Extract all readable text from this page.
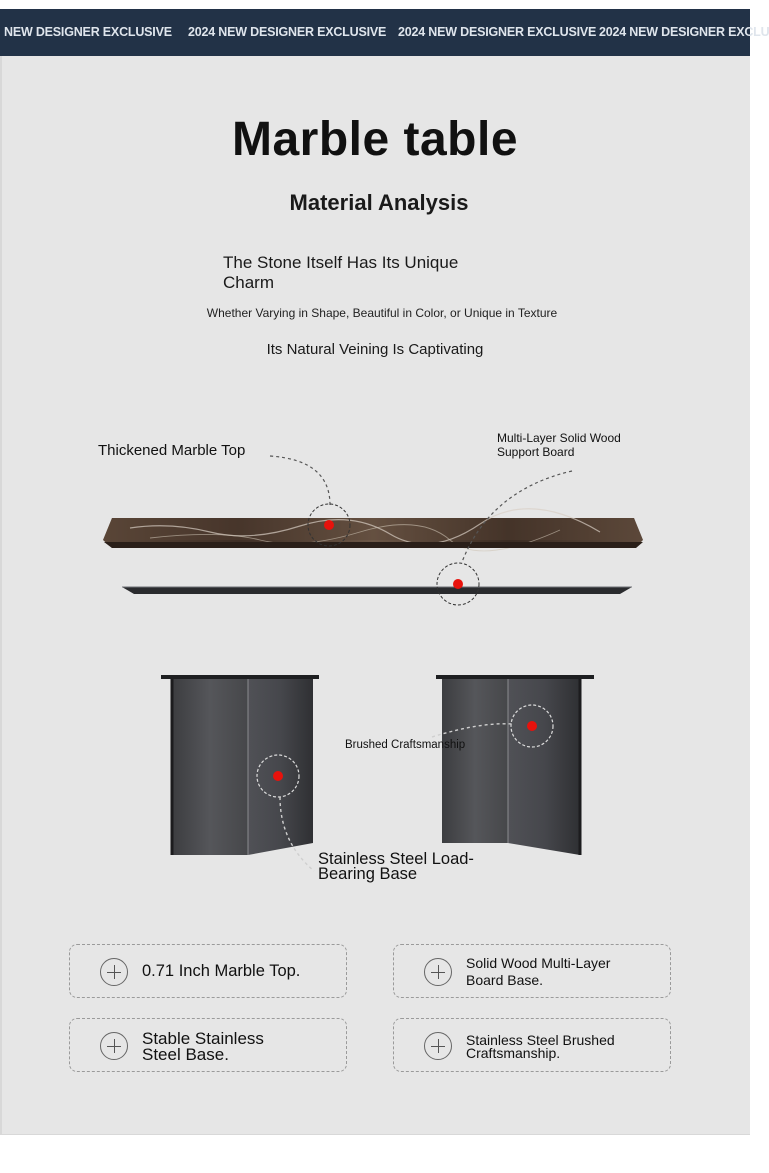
NEW DESIGNER EXCLUSIVE 2024 NEW DESIGNER EXCLUSIVE 2024 NEW DESIGNER EXCLUSIVE 2024 NEW DESIGNER EXCLU
Marble table
Material Analysis
The Stone Itself Has Its Unique Charm
Whether Varying in Shape, Beautiful in Color, or Unique in Texture
Its Natural Veining Is Captivating
Thickened Marble Top
Multi-Layer Solid Wood Support Board
Brushed Craftsmanship
Stainless Steel Load-Bearing Base
0.71 Inch Marble Top.	Solid Wood Multi-Layer Board Base.
Stable Stainless Steel Base.
Stainless Steel Brushed Craftsmanship.
